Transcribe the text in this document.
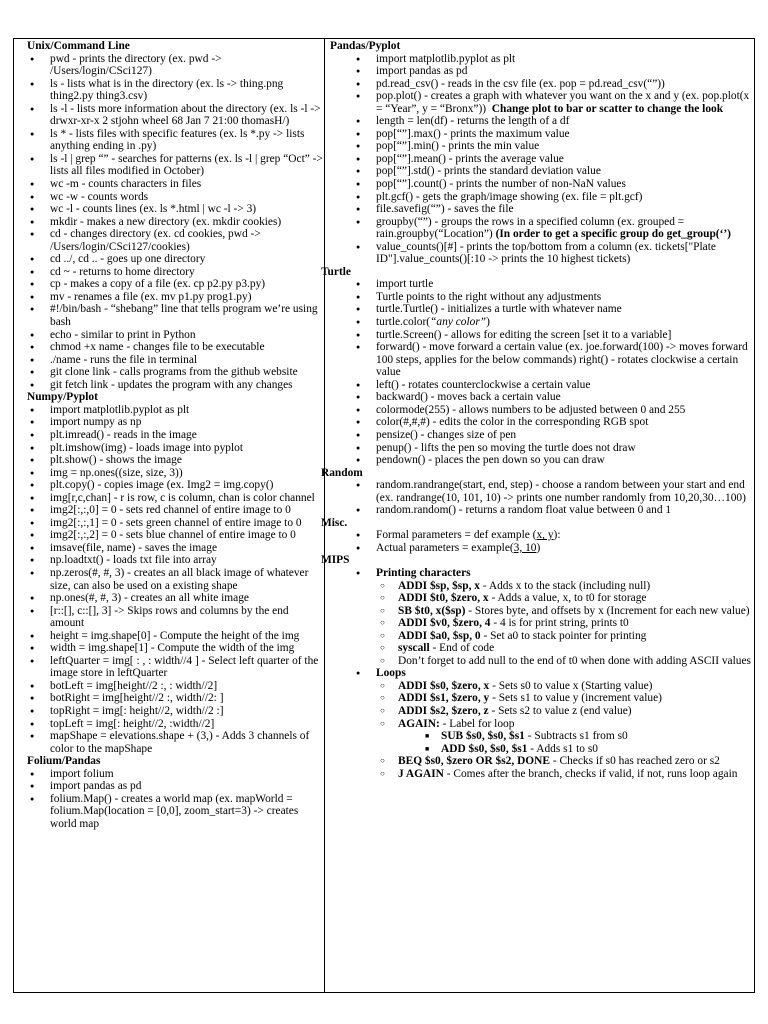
Unix/Command Line

● pwd - prints the directory (ex. pwd -> /Users/login/CSci127)
● ls - lists what is in the directory (ex. ls -> thing.png thing2.py thing3.csv)
● ls -l - lists more information about the directory (ex. ls -l -> drwxr-xr-x 2 stjohn wheel 68 Jan 7 21:00 thomasH/)
● ls * - lists files with specific features (ex. ls *.py -> lists anything ending in .py)
● ls -l | grep “” - searches for patterns (ex. ls -l | grep “Oct” -> lists all files modified in October)
● wc -m - counts characters in files
● wc -w - counts words
● wc -l - counts lines (ex. ls *.html | wc -l -> 3)
● mkdir - makes a new directory (ex. mkdir cookies)
● cd - changes directory (ex. cd cookies, pwd -> /Users/login/CSci127/cookies)
● cd ../, cd .. - goes up one directory
● cd ~ - returns to home directory
● cp - makes a copy of a file (ex. cp p2.py p3.py)
● mv - renames a file (ex. mv p1.py prog1.py)
● #!/bin/bash - “shebang” line that tells program we’re using bash
● echo - similar to print in Python
● chmod +x name - changes file to be executable
● ./name - runs the file in terminal
● git clone link - calls programs from the github website
● git fetch link - updates the program with any changes

Numpy/Pyplot

● import matplotlib.pyplot as plt
● import numpy as np
● plt.imread() - reads in the image
● plt.imshow(img) - loads image into pyplot
● plt.show() - shows the image
● img = np.ones((size, size, 3))
● plt.copy() - copies image (ex. Img2 = img.copy()
● img[r,c,chan] - r is row, c is column, chan is color channel
● img2[:,:,0] = 0 - sets red channel of entire image to 0
● img2[:,:,1] = 0 - sets green channel of entire image to 0
● img2[:,:,2] = 0 - sets blue channel of entire image to 0
● imsave(file, name) - saves the image
● np.loadtxt() - loads txt file into array
● np.zeros(#, #, 3) - creates an all black image of whatever size, can also be used on a existing shape
● np.ones(#, #, 3) - creates an all white image
● [r::[], c::[], 3] -> Skips rows and columns by the end amount
● height = img.shape[0] - Compute the height of the img
● width = img.shape[1] - Compute the width of the img
● leftQuarter = img[ : , : width//4 ] - Select left quarter of the image store in leftQuarter
● botLeft = img[height//2 :, : width//2]
● botRight = img[height//2 :, width//2: ]
● topRight = img[: height//2, width//2 :]
● topLeft = img[: height//2, :width//2]
● mapShape = elevations.shape + (3,) - Adds 3 channels of color to the mapShape

Folium/Pandas

● import folium
● import pandas as pd
● folium.Map() - creates a world map (ex. mapWorld = folium.Map(location = [0,0], zoom_start=3) -> creates world map

Pandas/Pyplot

● import matplotlib.pyplot as plt
● import pandas as pd
● pd.read_csv() - reads in the csv file (ex. pop = pd.read_csv(“”))
● pop.plot() - creates a graph with whatever you want on the x and y (ex. pop.plot(x = “Year”, y = “Bronx”)) Change plot to bar or scatter to change the look
● length = len(df) - returns the length of a df
● pop[“”].max() - prints the maximum value
● pop[“”].min() - prints the min value
● pop[“”].mean() - prints the average value
● pop[“”].std() - prints the standard deviation value
● pop[“”].count() - prints the number of non-NaN values
● plt.gcf() - gets the graph/image showing (ex. file = plt.gcf)
● file.savefig(“”) - saves the file
● groupby(“”) - groups the rows in a specified column (ex. grouped = rain.groupby(“Location”) (In order to get a specific group do get_group(‘’)
● value_counts()[#] - prints the top/bottom from a column (ex. tickets["Plate ID"].value_counts()[:10 -> prints the 10 highest tickets)

Turtle

● import turtle
● Turtle points to the right without any adjustments
● turtle.Turtle() - initializes a turtle with whatever name
● turtle.color(“any color”)
● turtle.Screen() - allows for editing the screen [set it to a variable]
● forward() - move forward a certain value (ex. joe.forward(100) -> moves forward 100 steps, applies for the below commands) right() - rotates clockwise a certain value
● left() - rotates counterclockwise a certain value
● backward() - moves back a certain value
● colormode(255) - allows numbers to be adjusted between 0 and 255
● color(#,#,#) - edits the color in the corresponding RGB spot
● pensize() - changes size of pen
● penup() - lifts the pen so moving the turtle does not draw
● pendown() - places the pen down so you can draw

Random

● random.randrange(start, end, step) - choose a random between your start and end (ex. randrange(10, 101, 10) -> prints one number randomly from 10,20,30…100)
● random.random() - returns a random float value between 0 and 1

Misc.

● Formal parameters = def example (x, y):
● Actual parameters = example(3, 10)

MIPS

● Printing characters
○ ADDI $sp, $sp, x - Adds x to the stack (including null)
○ ADDI $t0, $zero, x - Adds a value, x, to t0 for storage
○ SB $t0, x($sp) - Stores byte, and offsets by x (Increment for each new value)
○ ADDI $v0, $zero, 4 - 4 is for print string, prints t0
○ ADDI $a0, $sp, 0 - Set a0 to stack pointer for printing
○ syscall - End of code
○ Don’t forget to add null to the end of t0 when done with adding ASCII values
● Loops
○ ADDI $s0, $zero, x - Sets s0 to value x (Starting value)
○ ADDI $s1, $zero, y - Sets s1 to value y (increment value)
○ ADDI $s2, $zero, z - Sets s2 to value z (end value)
○ AGAIN: - Label for loop
■ SUB $s0, $s0, $s1 - Subtracts s1 from s0
■ ADD $s0, $s0, $s1 - Adds s1 to s0
○ BEQ $s0, $zero OR $s2, DONE - Checks if s0 has reached zero or s2
○ J AGAIN - Comes after the branch, checks if valid, if not, runs loop again
